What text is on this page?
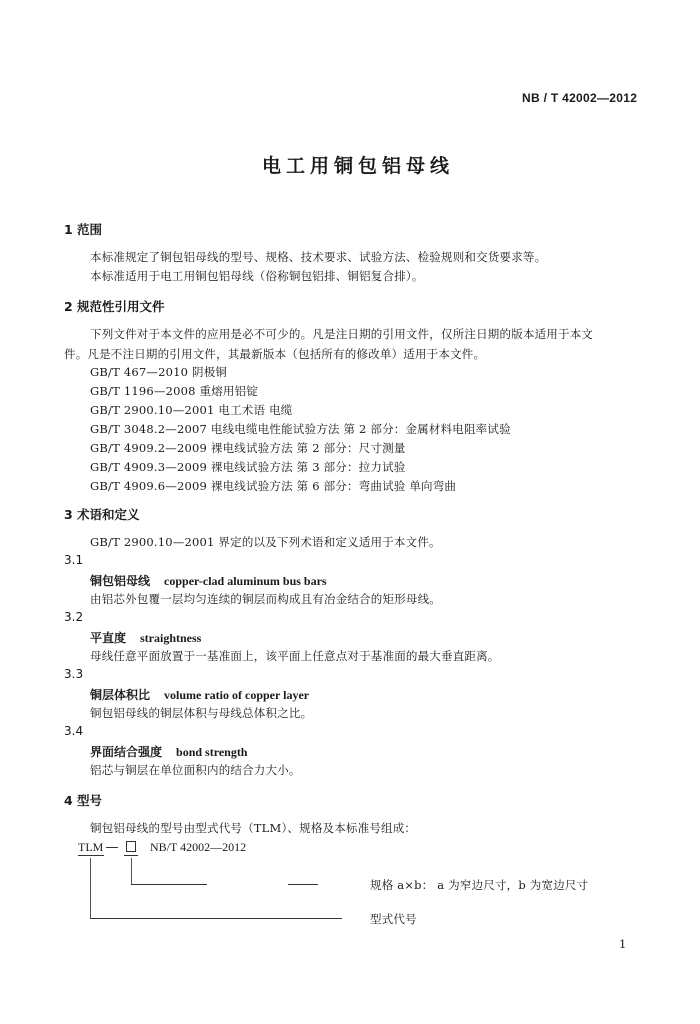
NB / T 42002—2012
电工用铜包铝母线
1 范围
本标准规定了铜包铝母线的型号、规格、技术要求、试验方法、检验规则和交货要求等。
本标准适用于电工用铜包铝母线（俗称铜包铝排、铜铝复合排）。
2 规范性引用文件
下列文件对于本文件的应用是必不可少的。凡是注日期的引用文件，仅所注日期的版本适用于本文
件。凡是不注日期的引用文件，其最新版本（包括所有的修改单）适用于本文件。
GB/T 467—2010 阴极铜
GB/T 1196—2008 重熔用铝锭
GB/T 2900.10—2001 电工术语 电缆
GB/T 3048.2—2007 电线电缆电性能试验方法 第 2 部分：金属材料电阻率试验
GB/T 4909.2—2009 裸电线试验方法 第 2 部分：尺寸测量
GB/T 4909.3—2009 裸电线试验方法 第 3 部分：拉力试验
GB/T 4909.6—2009 裸电线试验方法 第 6 部分：弯曲试验 单向弯曲
3 术语和定义
GB/T 2900.10—2001 界定的以及下列术语和定义适用于本文件。
3.1
铜包铝母线 copper-clad aluminum bus bars
由铝芯外包覆一层均匀连续的铜层而构成且有冶金结合的矩形母线。
3.2
平直度 straightness
母线任意平面放置于一基准面上，该平面上任意点对于基准面的最大垂直距离。
3.3
铜层体积比 volume ratio of copper layer
铜包铝母线的铜层体积与母线总体积之比。
3.4
界面结合强度 bond strength
铝芯与铜层在单位面积内的结合力大小。
4 型号
铜包铝母线的型号由型式代号（TLM）、规格及本标准号组成：
TLM	NB/T 42002—2012
规格 a×b： a 为窄边尺寸，b 为宽边尺寸
型式代号
1
